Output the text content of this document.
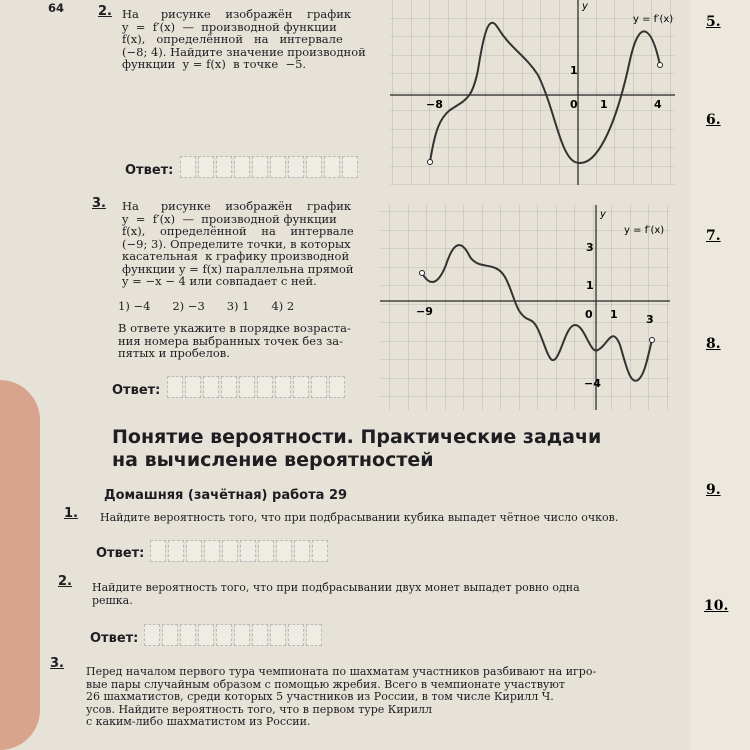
64	2. На      рисунке    изображён    график
y  =  f′(x)  —  производной функции
f(x),   определённой   на   интервале
(−8; 4). Найдите значение производной
функции  y = f(x)  в точке  −5.
Ответ:
y
y = f′(x)
−8	0 1	4
1
3. На      рисунке    изображён    график
y  =  f′(x)  —  производной функции
f(x),    определённой    на    интервале
(−9; 3). Определите точки, в которых
касательная  к графику производной
функции y = f(x) параллельна прямой
y = −x − 4 или совпадает с ней.
1) −4      2) −3      3) 1      4) 2
В ответе укажите в порядке возраста-
ния номера выбранных точек без за-
пятых и пробелов.
Ответ:
y
y = f′(x)
3
1
−9	0 1	3
−4
Понятие вероятности. Практические задачи
на вычисление вероятностей
Домашняя (зачётная) работа 29
1. Найдите вероятность того, что при подбрасывании кубика выпадет чётное число очков.
Ответ:
2. Найдите вероятность того, что при подбрасывании двух монет выпадет ровно одна
решка.
Ответ:
3.
Перед началом первого тура чемпионата по шахматам участников разбивают на игро-
вые пары случайным образом с помощью жребия. Всего в чемпионате участвуют
26 шахматистов, среди которых 5 участников из России, в том числе Кирилл Ч.
усов. Найдите вероятность того, что в первом туре Кирилл
с каким-либо шахматистом из России.
5.
6.
7.
8.
9.
10.
